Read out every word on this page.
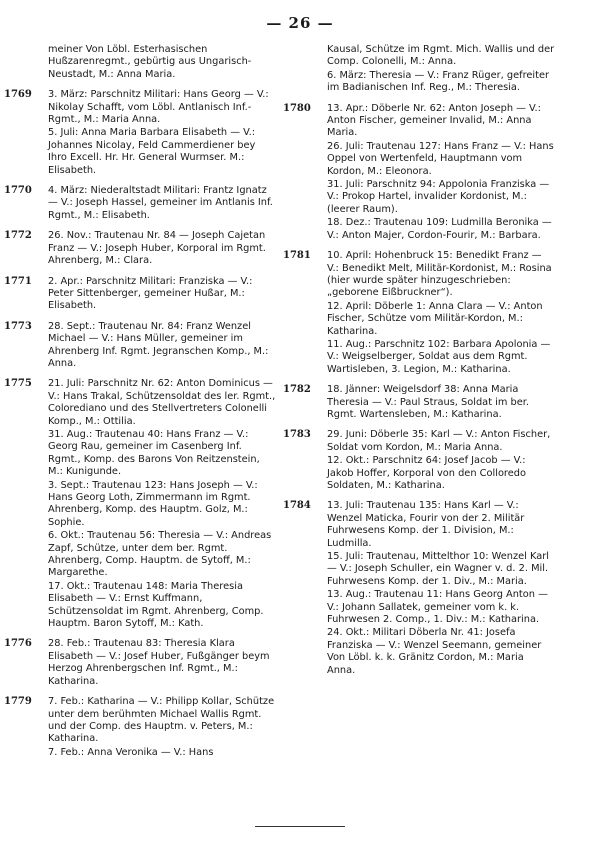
— 26 —
meiner Von Löbl. Esterhasischen Hußzarenregmt., gebürtig aus Ungarisch-Neustadt, M.: Anna Maria.
1769 3. März: Parschnitz Militari: Hans Georg — V.: Nikolay Schafft, vom Löbl. Antlanisch Inf.-Rgmt., M.: Maria Anna.
5. Juli: Anna Maria Barbara Elisabeth — V.: Johannes Nicolay, Feld Cammerdiener bey Ihro Excell. Hr. Hr. General Wurmser. M.: Elisabeth.
1770 4. März: Niederaltstadt Militari: Frantz Ignatz — V.: Joseph Hassel, gemeiner im Antlanis Inf. Rgmt., M.: Elisabeth.
1772 26. Nov.: Trautenau Nr. 84 — Joseph Cajetan Franz — V.: Joseph Huber, Korporal im Rgmt. Ahrenberg, M.: Clara.
1771 2. Apr.: Parschnitz Militari: Franziska — V.: Peter Sittenberger, gemeiner Hußar, M.: Elisabeth.
1773 28. Sept.: Trautenau Nr. 84: Franz Wenzel Michael — V.: Hans Müller, gemeiner im Ahrenberg Inf. Rgmt. Jegranschen Komp., M.: Anna.
1775 21. Juli: Parschnitz Nr. 62: Anton Dominicus — V.: Hans Trakal, Schützensoldat des ler. Rgmt., Colorediano und des Stellvertreters Colonelli Komp., M.: Ottilia.
31. Aug.: Trautenau 40: Hans Franz — V.: Georg Rau, gemeiner im Casenberg Inf. Rgmt., Komp. des Barons Von Reitzenstein, M.: Kunigunde.
3. Sept.: Trautenau 123: Hans Joseph — V.: Hans Georg Loth, Zimmermann im Rgmt. Ahrenberg, Komp. des Hauptm. Golz, M.: Sophie.
6. Okt.: Trautenau 56: Theresia — V.: Andreas Zapf, Schütze, unter dem ber. Rgmt. Ahrenberg, Comp. Hauptm. de Sytoff, M.: Margarethe.
17. Okt.: Trautenau 148: Maria Theresia Elisabeth — V.: Ernst Kuffmann, Schützensoldat im Rgmt. Ahrenberg, Comp. Hauptm. Baron Sytoff, M.: Kath.
1776 28. Feb.: Trautenau 83: Theresia Klara Elisabeth — V.: Josef Huber, Fußgänger beym Herzog Ahrenbergschen Inf. Rgmt., M.: Katharina.
1779 7. Feb.: Katharina — V.: Philipp Kollar, Schütze unter dem berühmten Michael Wallis Rgmt. und der Comp. des Hauptm. v. Peters, M.: Katharina.
7. Feb.: Anna Veronika — V.: Hans
Kausal, Schütze im Rgmt. Mich. Wallis und der Comp. Colonelli, M.: Anna.
6. März: Theresia — V.: Franz Rüger, gefreiter im Badianischen Inf. Reg., M.: Theresia.
1780 13. Apr.: Döberle Nr. 62: Anton Joseph — V.: Anton Fischer, gemeiner Invalid, M.: Anna Maria.
26. Juli: Trautenau 127: Hans Franz — V.: Hans Oppel von Wertenfeld, Hauptmann vom Kordon, M.: Eleonora.
31. Juli: Parschnitz 94: Appolonia Franziska — V.: Prokop Hartel, invalider Kordonist, M.: (leerer Raum).
18. Dez.: Trautenau 109: Ludmilla Beronika — V.: Anton Majer, Cordon-Fourir, M.: Barbara.
1781 10. April: Hohenbruck 15: Benedikt Franz — V.: Benedikt Melt, Militär-Kordonist, M.: Rosina (hier wurde später hinzugeschrieben: „geborene Eißbruckner“).
12. April: Döberle 1: Anna Clara — V.: Anton Fischer, Schütze vom Militär-Kordon, M.: Katharina.
11. Aug.: Parschnitz 102: Barbara Apolonia — V.: Weigselberger, Soldat aus dem Rgmt. Wartisleben, 3. Legion, M.: Katharina.
1782 18. Jänner: Weigelsdorf 38: Anna Maria Theresia — V.: Paul Straus, Soldat im ber. Rgmt. Wartensleben, M.: Katharina.
1783 29. Juni: Döberle 35: Karl — V.: Anton Fischer, Soldat vom Kordon, M.: Maria Anna.
12. Okt.: Parschnitz 64: Josef Jacob — V.: Jakob Hoffer, Korporal von den Colloredo Soldaten, M.: Katharina.
1784 13. Juli: Trautenau 135: Hans Karl — V.: Wenzel Maticka, Fourir von der 2. Militär Fuhrwesens Komp. der 1. Division, M.: Ludmilla.
15. Juli: Trautenau, Mittelthor 10: Wenzel Karl — V.: Joseph Schuller, ein Wagner v. d. 2. Mil. Fuhrwesens Komp. der 1. Div., M.: Maria.
13. Aug.: Trautenau 11: Hans Georg Anton — V.: Johann Sallatek, gemeiner vom k. k. Fuhrwesen 2. Comp., 1. Div.: M.: Katharina.
24. Okt.: Militari Döberla Nr. 41: Josefa Franziska — V.: Wenzel Seemann, gemeiner Von Löbl. k. k. Gränitz Cordon, M.: Maria Anna.
